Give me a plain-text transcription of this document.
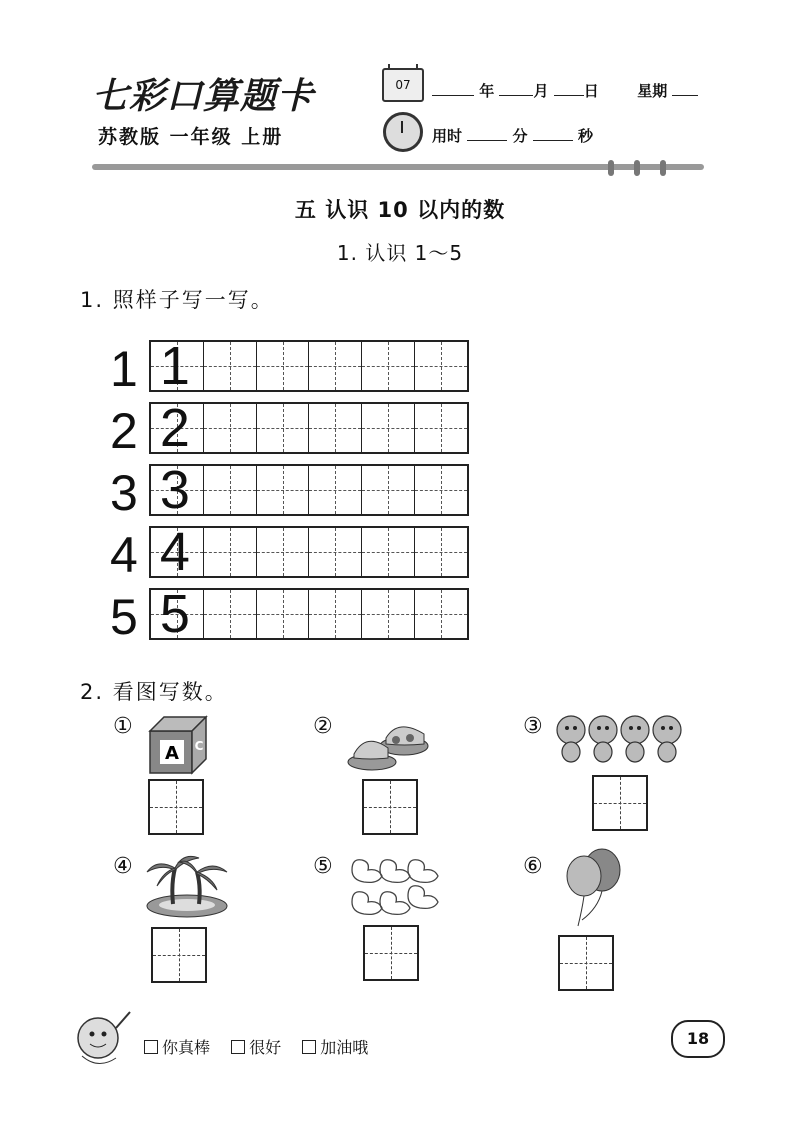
七彩口算题卡
苏教版 一年级 上册
07	年	月 日	星期
用时	分	秒
五 认识 10 以内的数
1. 认识 1～5
1. 照样子写一写。
1 1
2 2
3 3
4 4
5 5
2. 看图写数。
①
A C
②	③
④	⑤	⑥
你真棒 很好 加油哦	18
